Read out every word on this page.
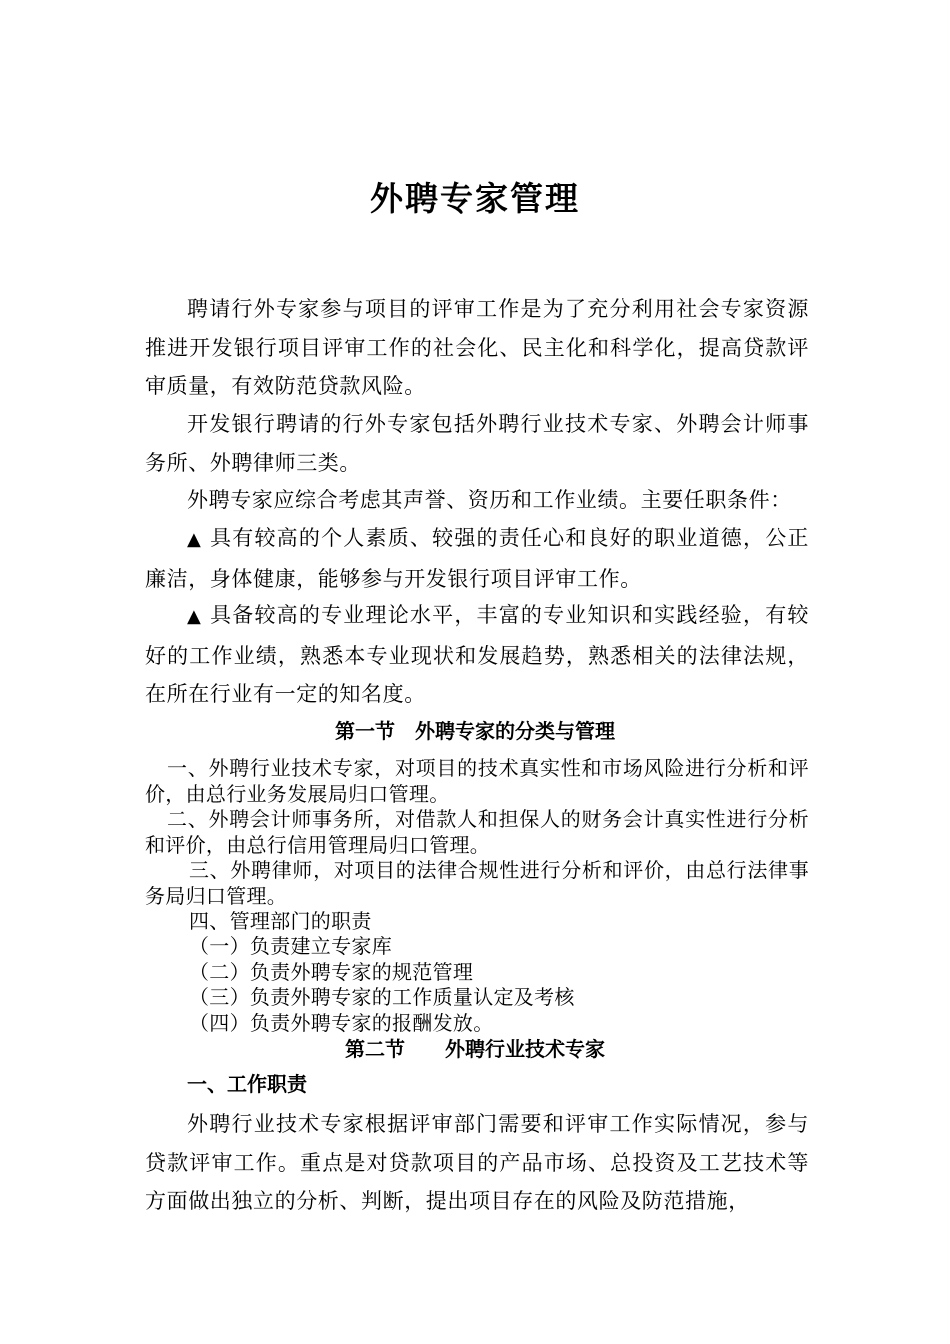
外聘专家管理
聘请行外专家参与项目的评审工作是为了充分利用社会专家资源推进开发银行项目评审工作的社会化、民主化和科学化，提高贷款评审质量，有效防范贷款风险。
开发银行聘请的行外专家包括外聘行业技术专家、外聘会计师事务所、外聘律师三类。
外聘专家应综合考虑其声誉、资历和工作业绩。主要任职条件：
▲ 具有较高的个人素质、较强的责任心和良好的职业道德，公正廉洁，身体健康，能够参与开发银行项目评审工作。
▲ 具备较高的专业理论水平，丰富的专业知识和实践经验，有较好的工作业绩，熟悉本专业现状和发展趋势，熟悉相关的法律法规，在所在行业有一定的知名度。
第一节　外聘专家的分类与管理
一、外聘行业技术专家，对项目的技术真实性和市场风险进行分析和评价，由总行业务发展局归口管理。
二、外聘会计师事务所，对借款人和担保人的财务会计真实性进行分析和评价，由总行信用管理局归口管理。
三、外聘律师，对项目的法律合规性进行分析和评价，由总行法律事务局归口管理。
四、管理部门的职责
（一）负责建立专家库
（二）负责外聘专家的规范管理
（三）负责外聘专家的工作质量认定及考核
（四）负责外聘专家的报酬发放。
第二节　　外聘行业技术专家
一、工作职责
外聘行业技术专家根据评审部门需要和评审工作实际情况，参与贷款评审工作。重点是对贷款项目的产品市场、总投资及工艺技术等方面做出独立的分析、判断，提出项目存在的风险及防范措施，
